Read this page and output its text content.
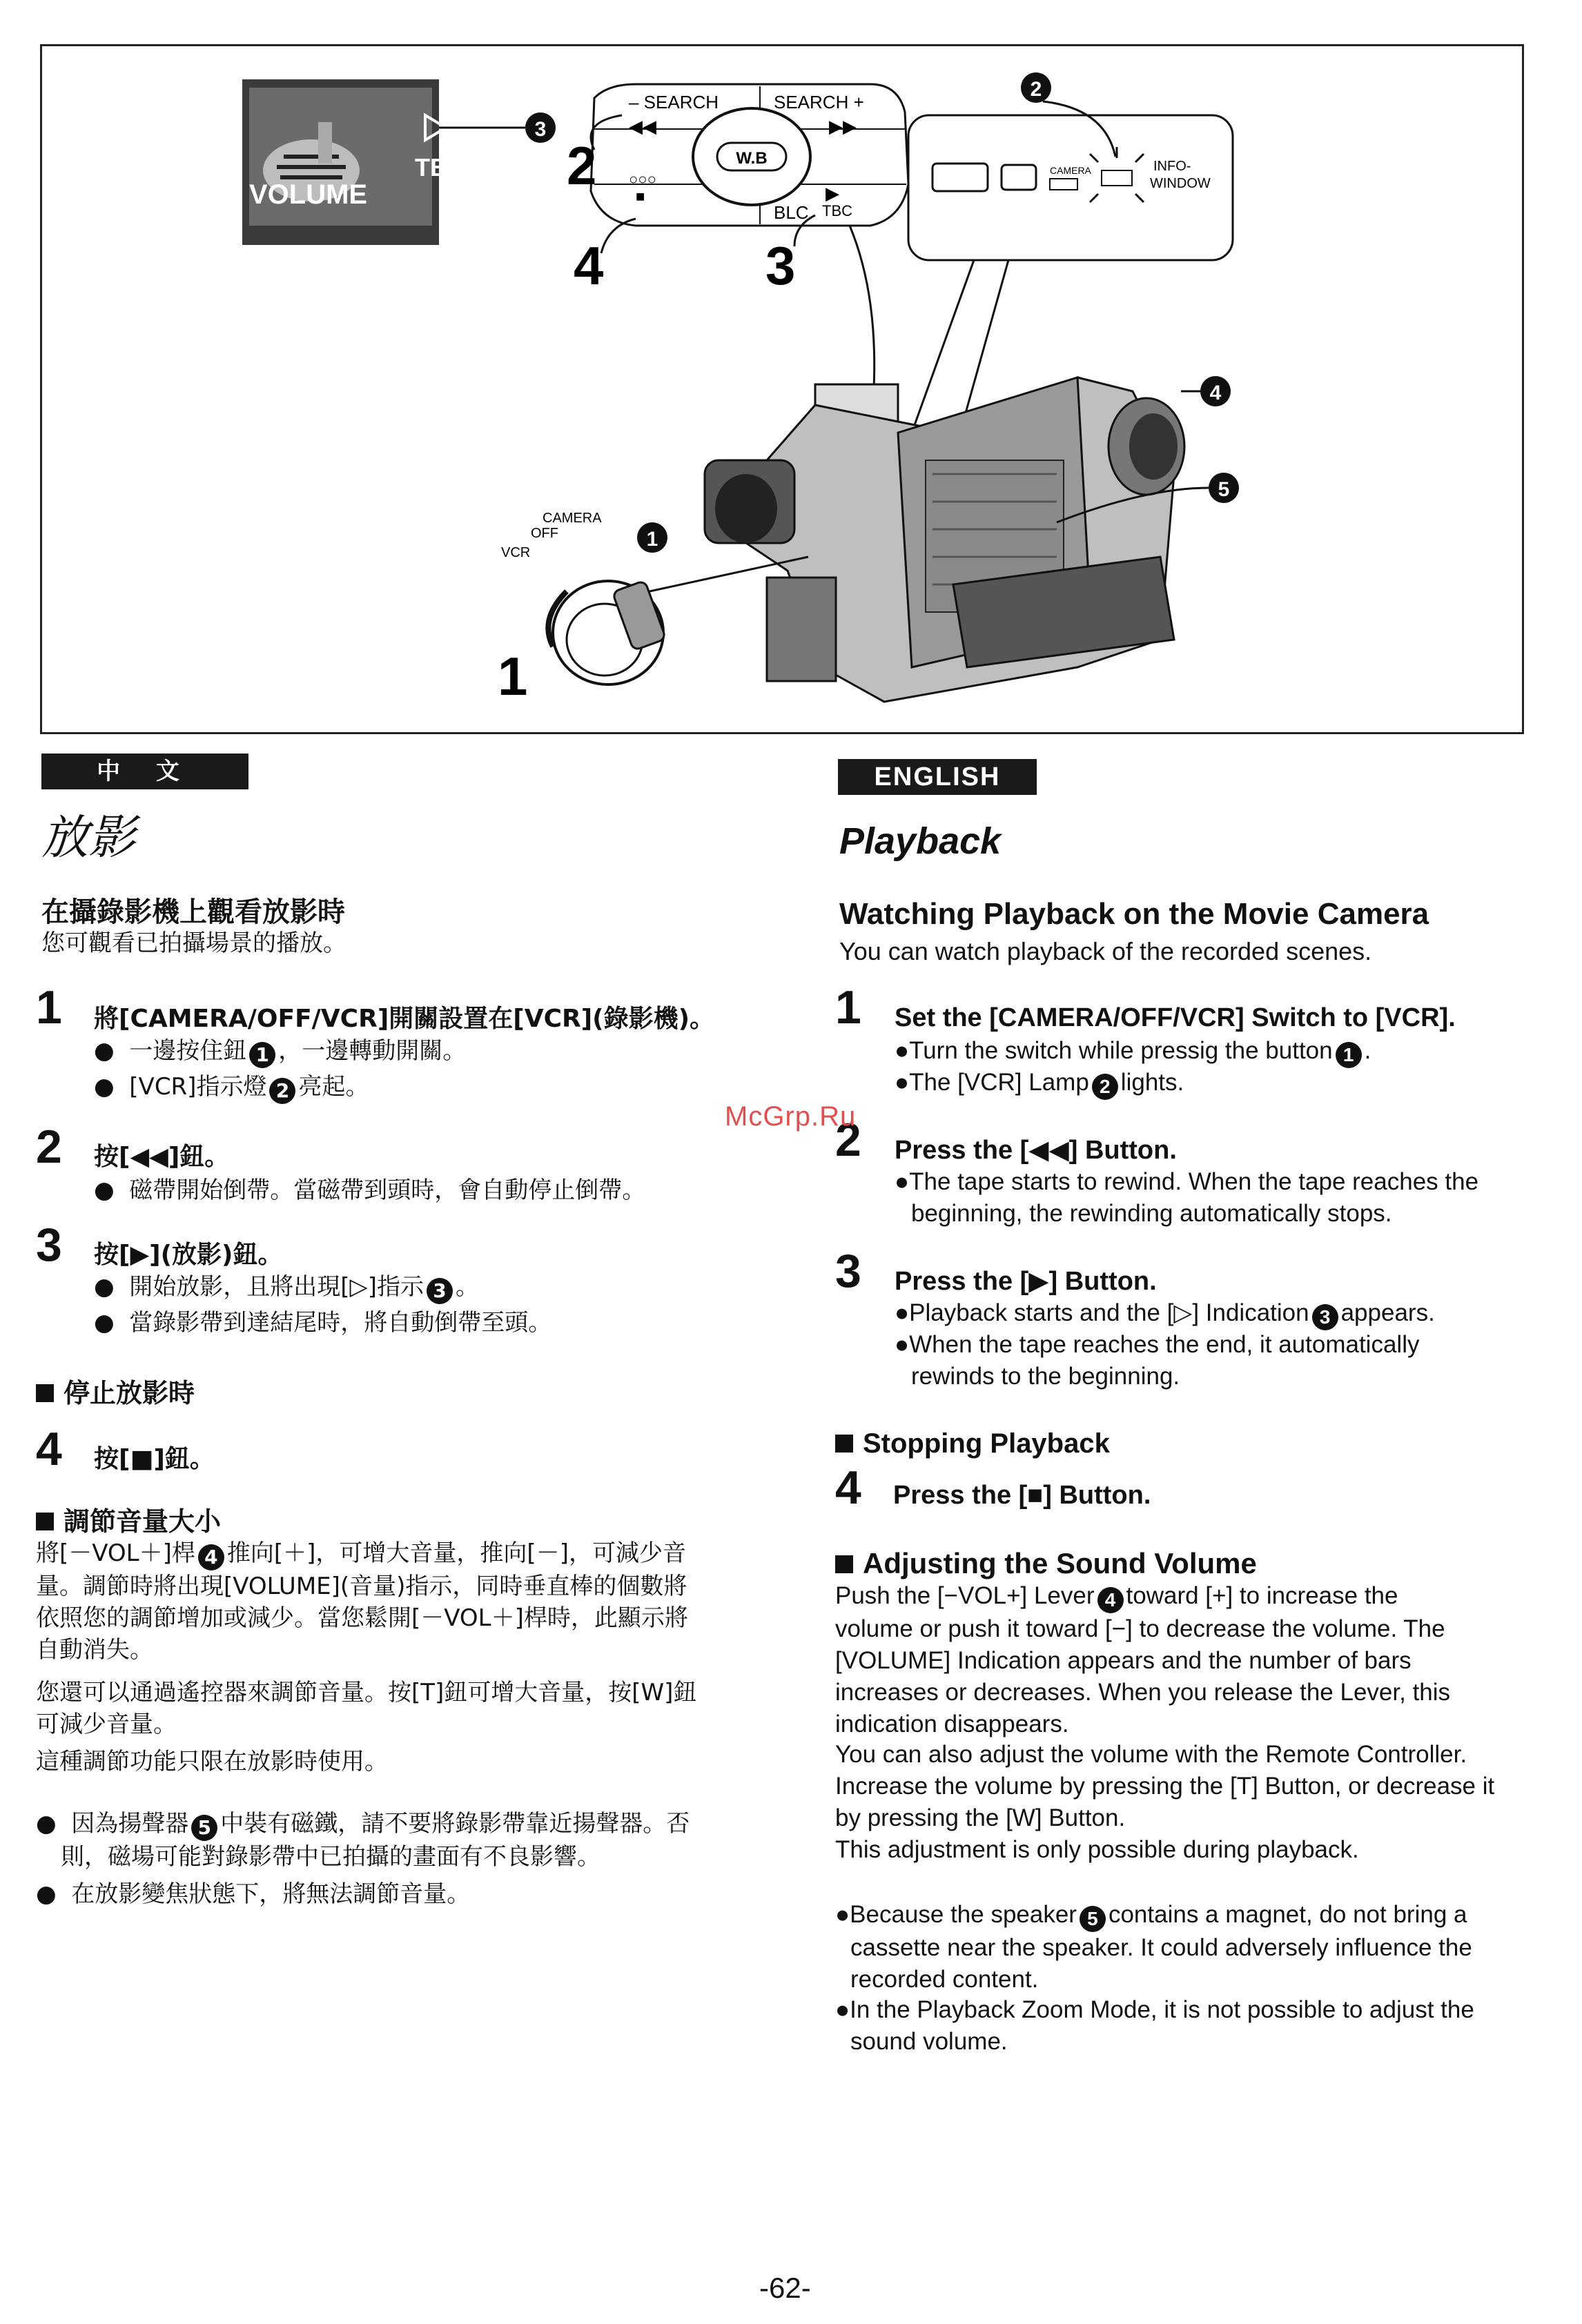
VOLUME
TBC
3
– SEARCH	SEARCH +
◀◀	▶▶
W.B
○○○
■	▶
BLC TBC
2
4	3
CAMERA	INFO-
WINDOW
2
4
5
CAMERA
OFF
VCR
1
1
中 文
放影
在攝錄影機上觀看放影時
您可觀看已拍攝場景的播放。
1 將[CAMERA/OFF/VCR]開關設置在[VCR](錄影機)。
●  一邊按住鈕 1 ，一邊轉動開關。
●  [VCR]指示燈 2 亮起。
2 按[◀◀]鈕。
●  磁帶開始倒帶。當磁帶到頭時，會自動停止倒帶。
3 按[▶](放影)鈕。
●  開始放影，且將出現[▷]指示 3 。
●  當錄影帶到達結尾時，將自動倒帶至頭。
停止放影時
4 按[■]鈕。
調節音量大小
將[－VOL＋]桿 4 推向[＋]，可增大音量，推向[－]，可減少音
量。調節時將出現[VOLUME](音量)指示，同時垂直棒的個數將
依照您的調節增加或減少。當您鬆開[－VOL＋]桿時，此顯示將
自動消失。
您還可以通過遙控器來調節音量。按[T]鈕可增大音量，按[W]鈕
可減少音量。
這種調節功能只限在放影時使用。
●  因為揚聲器 5 中裝有磁鐵，請不要將錄影帶靠近揚聲器。否
則，磁場可能對錄影帶中已拍攝的畫面有不良影響。
●  在放影變焦狀態下，將無法調節音量。
ENGLISH
Playback
Watching Playback on the Movie Camera
You can watch playback of the recorded scenes.
1 Set the [CAMERA/OFF/VCR] Switch to [VCR].
●Turn the switch while pressig the button 1 .
●The [VCR] Lamp 2 lights.
2 Press the [◀◀] Button.
●The tape starts to rewind. When the tape reaches the
beginning, the rewinding automatically stops.
3 Press the [▶] Button.
●Playback starts and the [▷] Indication 3 appears.
●When the tape reaches the end, it automatically
rewinds to the beginning.
Stopping Playback
4 Press the [■] Button.
Adjusting the Sound Volume
Push the [−VOL+] Lever 4 toward [+] to increase the
volume or push it toward [−] to decrease the volume. The
[VOLUME] Indication appears and the number of bars
increases or decreases. When you release the Lever, this
indication disappears.
You can also adjust the volume with the Remote Controller.
Increase the volume by pressing the [T] Button, or decrease it
by pressing the [W] Button.
This adjustment is only possible during playback.
●Because the speaker 5 contains a magnet, do not bring a
cassette near the speaker. It could adversely influence the
recorded content.
●In the Playback Zoom Mode, it is not possible to adjust the
sound volume.
McGrp.Ru
-62-
